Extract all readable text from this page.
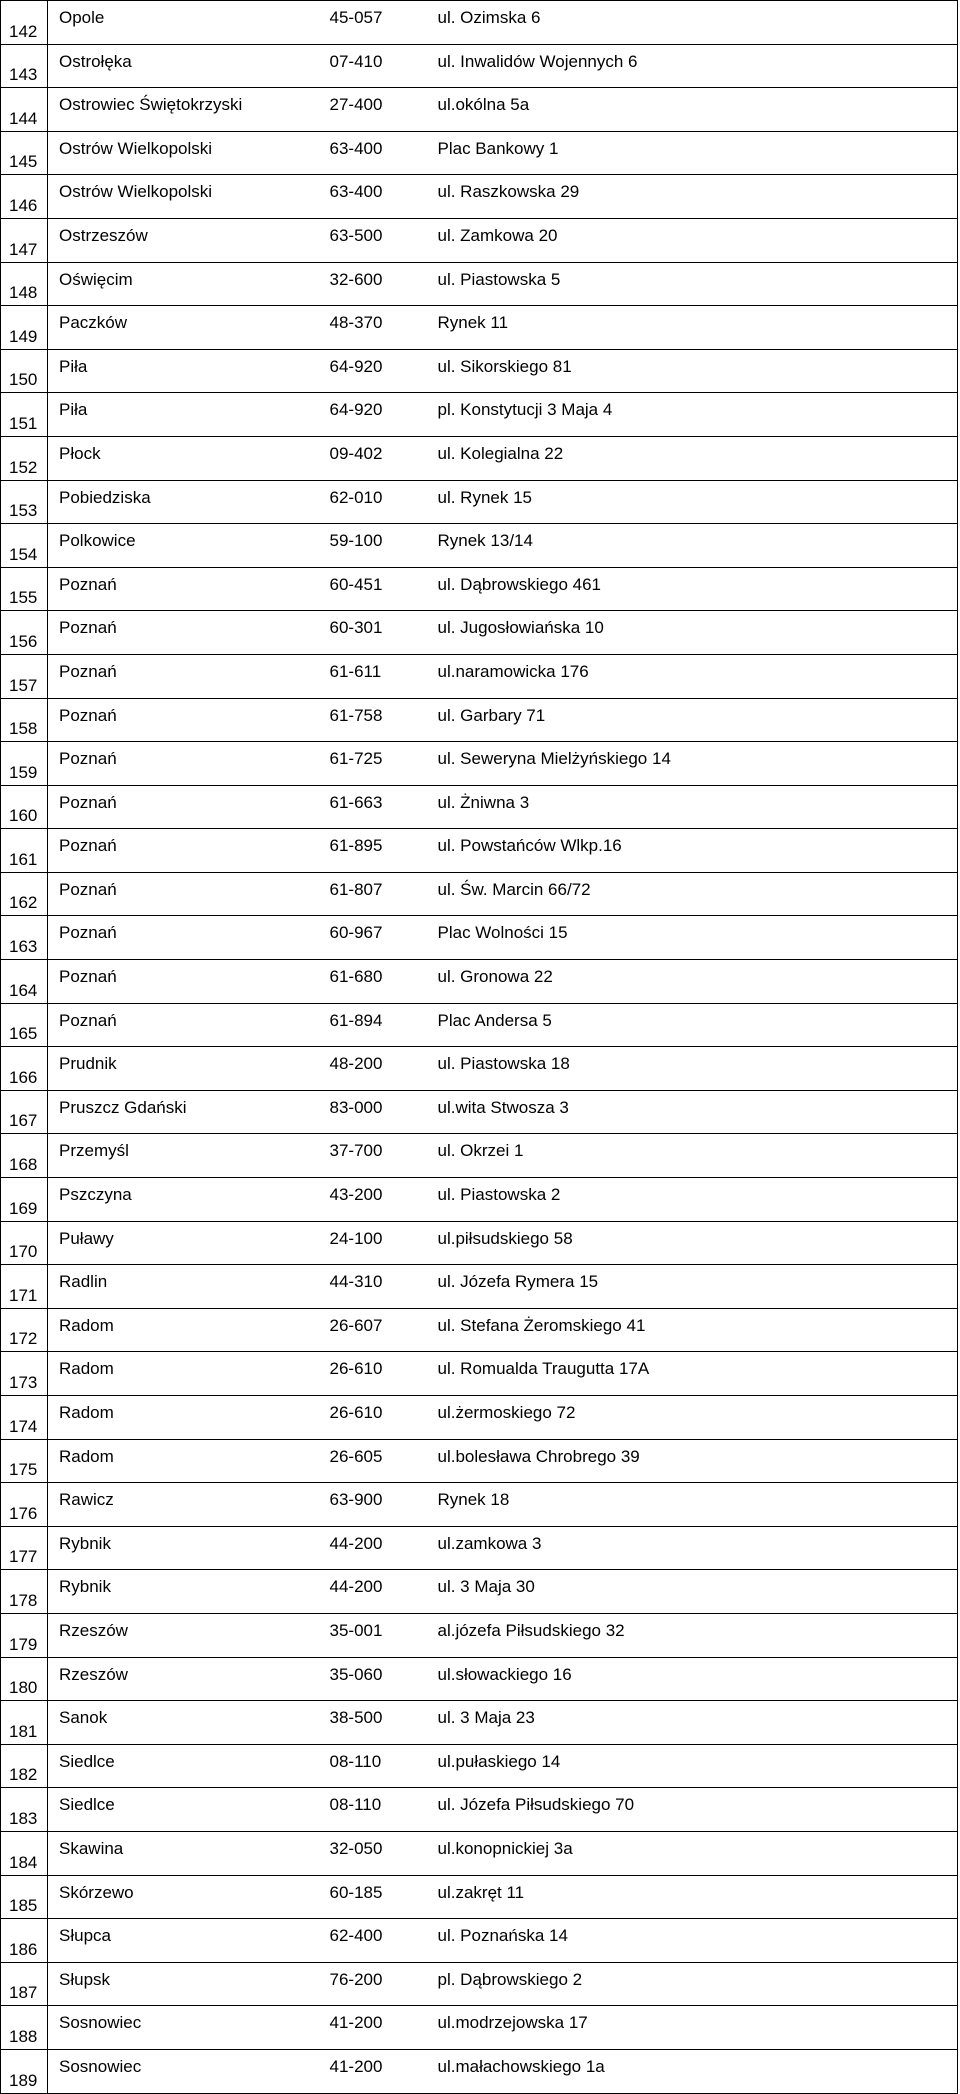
142	Opole	45-057	ul. Ozimska 6
143	Ostrołęka	07-410	ul. Inwalidów Wojennych 6
144	Ostrowiec Świętokrzyski	27-400	ul.okólna 5a
145	Ostrów Wielkopolski	63-400	Plac Bankowy 1
146	Ostrów Wielkopolski	63-400	ul. Raszkowska 29
147	Ostrzeszów	63-500	ul. Zamkowa 20
148	Oświęcim	32-600	ul. Piastowska 5
149	Paczków	48-370	Rynek 11
150	Piła	64-920	ul. Sikorskiego 81
151	Piła	64-920	pl. Konstytucji 3 Maja 4
152	Płock	09-402	ul. Kolegialna 22
153	Pobiedziska	62-010	ul. Rynek 15
154	Polkowice	59-100	Rynek 13/14
155	Poznań	60-451	ul. Dąbrowskiego 461
156	Poznań	60-301	ul. Jugosłowiańska 10
157	Poznań	61-611	ul.naramowicka 176
158	Poznań	61-758	ul. Garbary 71
159	Poznań	61-725	ul. Seweryna Mielżyńskiego 14
160	Poznań	61-663	ul. Żniwna 3
161	Poznań	61-895	ul. Powstańców Wlkp.16
162	Poznań	61-807	ul. Św. Marcin 66/72
163	Poznań	60-967	Plac Wolności 15
164	Poznań	61-680	ul. Gronowa 22
165	Poznań	61-894	Plac Andersa 5
166	Prudnik	48-200	ul. Piastowska 18
167	Pruszcz Gdański	83-000	ul.wita Stwosza 3
168	Przemyśl	37-700	ul. Okrzei 1
169	Pszczyna	43-200	ul. Piastowska 2
170	Puławy	24-100	ul.piłsudskiego 58
171	Radlin	44-310	ul. Józefa Rymera 15
172	Radom	26-607	ul. Stefana Żeromskiego 41
173	Radom	26-610	ul. Romualda Traugutta 17A
174	Radom	26-610	ul.żermoskiego 72
175	Radom	26-605	ul.bolesława Chrobrego 39
176	Rawicz	63-900	Rynek 18
177	Rybnik	44-200	ul.zamkowa 3
178	Rybnik	44-200	ul. 3 Maja 30
179	Rzeszów	35-001	al.józefa Piłsudskiego 32
180	Rzeszów	35-060	ul.słowackiego 16
181	Sanok	38-500	ul. 3 Maja 23
182	Siedlce	08-110	ul.pułaskiego 14
183	Siedlce	08-110	ul. Józefa Piłsudskiego 70
184	Skawina	32-050	ul.konopnickiej 3a
185	Skórzewo	60-185	ul.zakręt 11
186	Słupca	62-400	ul. Poznańska 14
187	Słupsk	76-200	pl. Dąbrowskiego 2
188	Sosnowiec	41-200	ul.modrzejowska 17
189	Sosnowiec	41-200	ul.małachowskiego 1a
